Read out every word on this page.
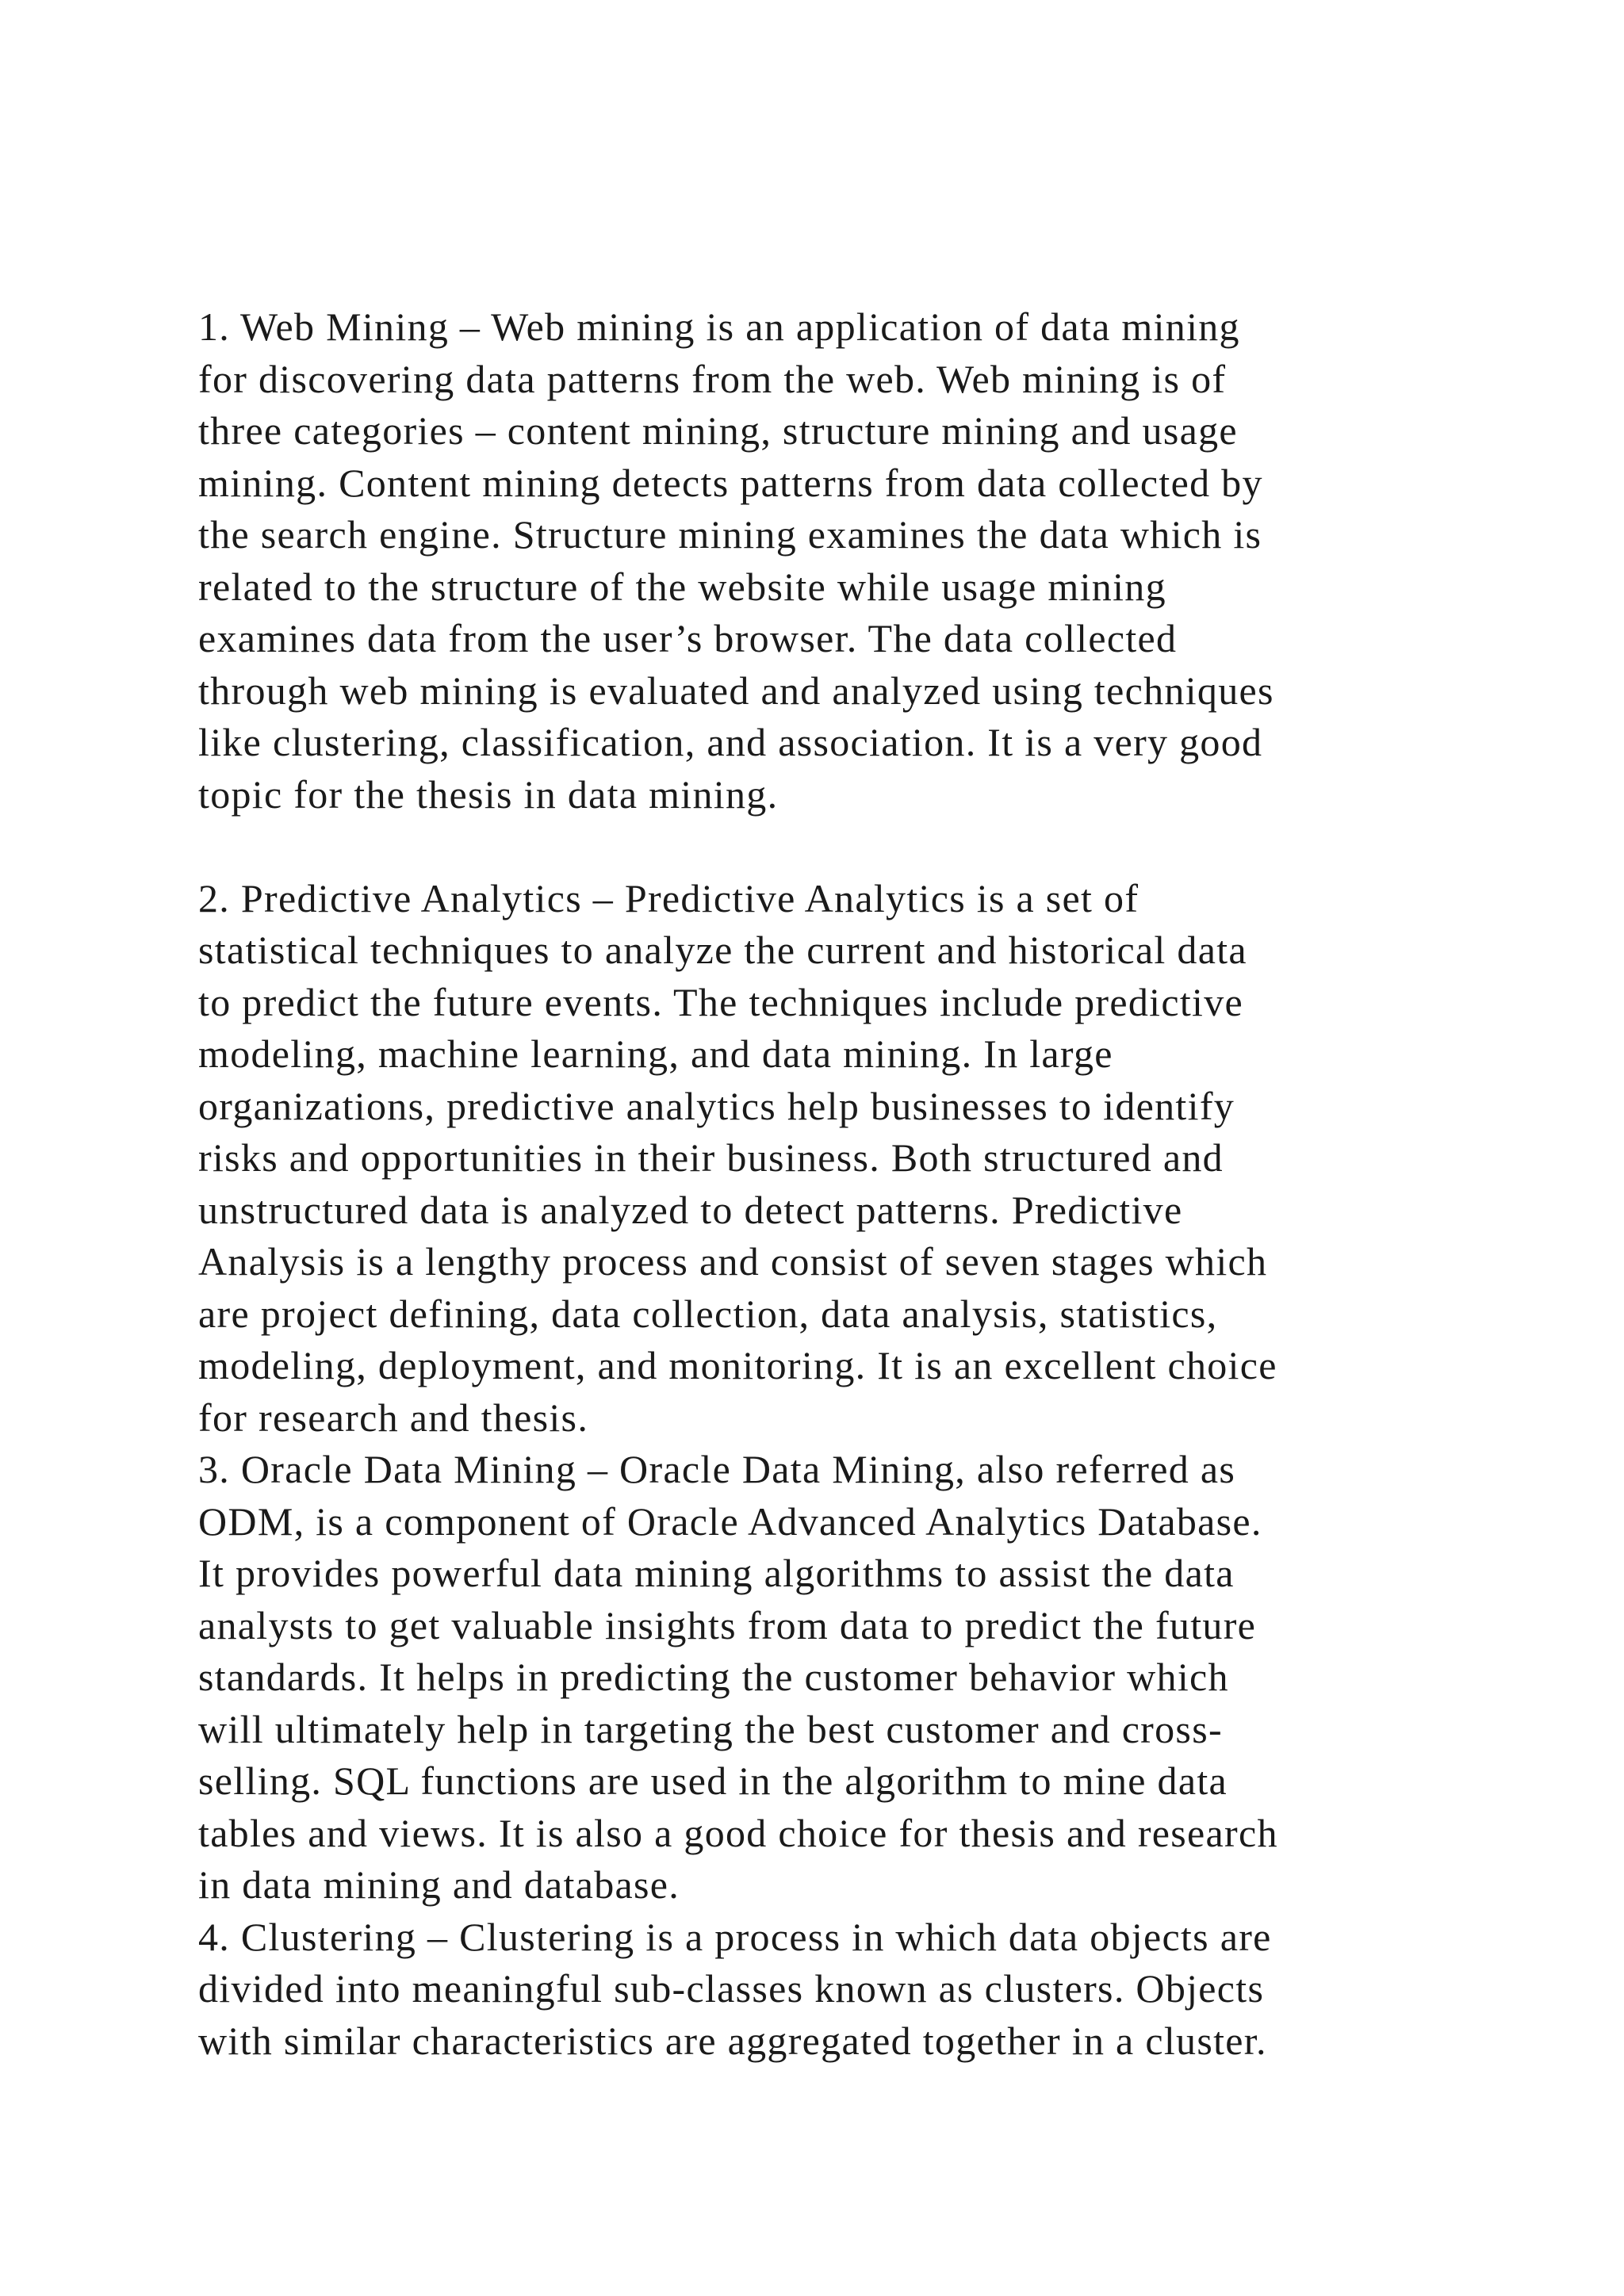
1. Web Mining – Web mining is an application of data mining
for discovering data patterns from the web. Web mining is of
three categories – content mining, structure mining and usage
mining. Content mining detects patterns from data collected by
the search engine. Structure mining examines the data which is
related to the structure of the website while usage mining
examines data from the user’s browser. The data collected
through web mining is evaluated and analyzed using techniques
like clustering, classification, and association. It is a very good
topic for the thesis in data mining.
2. Predictive Analytics – Predictive Analytics is a set of
statistical techniques to analyze the current and historical data
to predict the future events. The techniques include predictive
modeling, machine learning, and data mining. In large
organizations, predictive analytics help businesses to identify
risks and opportunities in their business. Both structured and
unstructured data is analyzed to detect patterns. Predictive
Analysis is a lengthy process and consist of seven stages which
are project defining, data collection, data analysis, statistics,
modeling, deployment, and monitoring. It is an excellent choice
for research and thesis.
3. Oracle Data Mining – Oracle Data Mining, also referred as
ODM, is a component of Oracle Advanced Analytics Database.
It provides powerful data mining algorithms to assist the data
analysts to get valuable insights from data to predict the future
standards. It helps in predicting the customer behavior which
will ultimately help in targeting the best customer and cross-
selling. SQL functions are used in the algorithm to mine data
tables and views. It is also a good choice for thesis and research
in data mining and database.
4. Clustering – Clustering is a process in which data objects are
divided into meaningful sub-classes known as clusters. Objects
with similar characteristics are aggregated together in a cluster.
